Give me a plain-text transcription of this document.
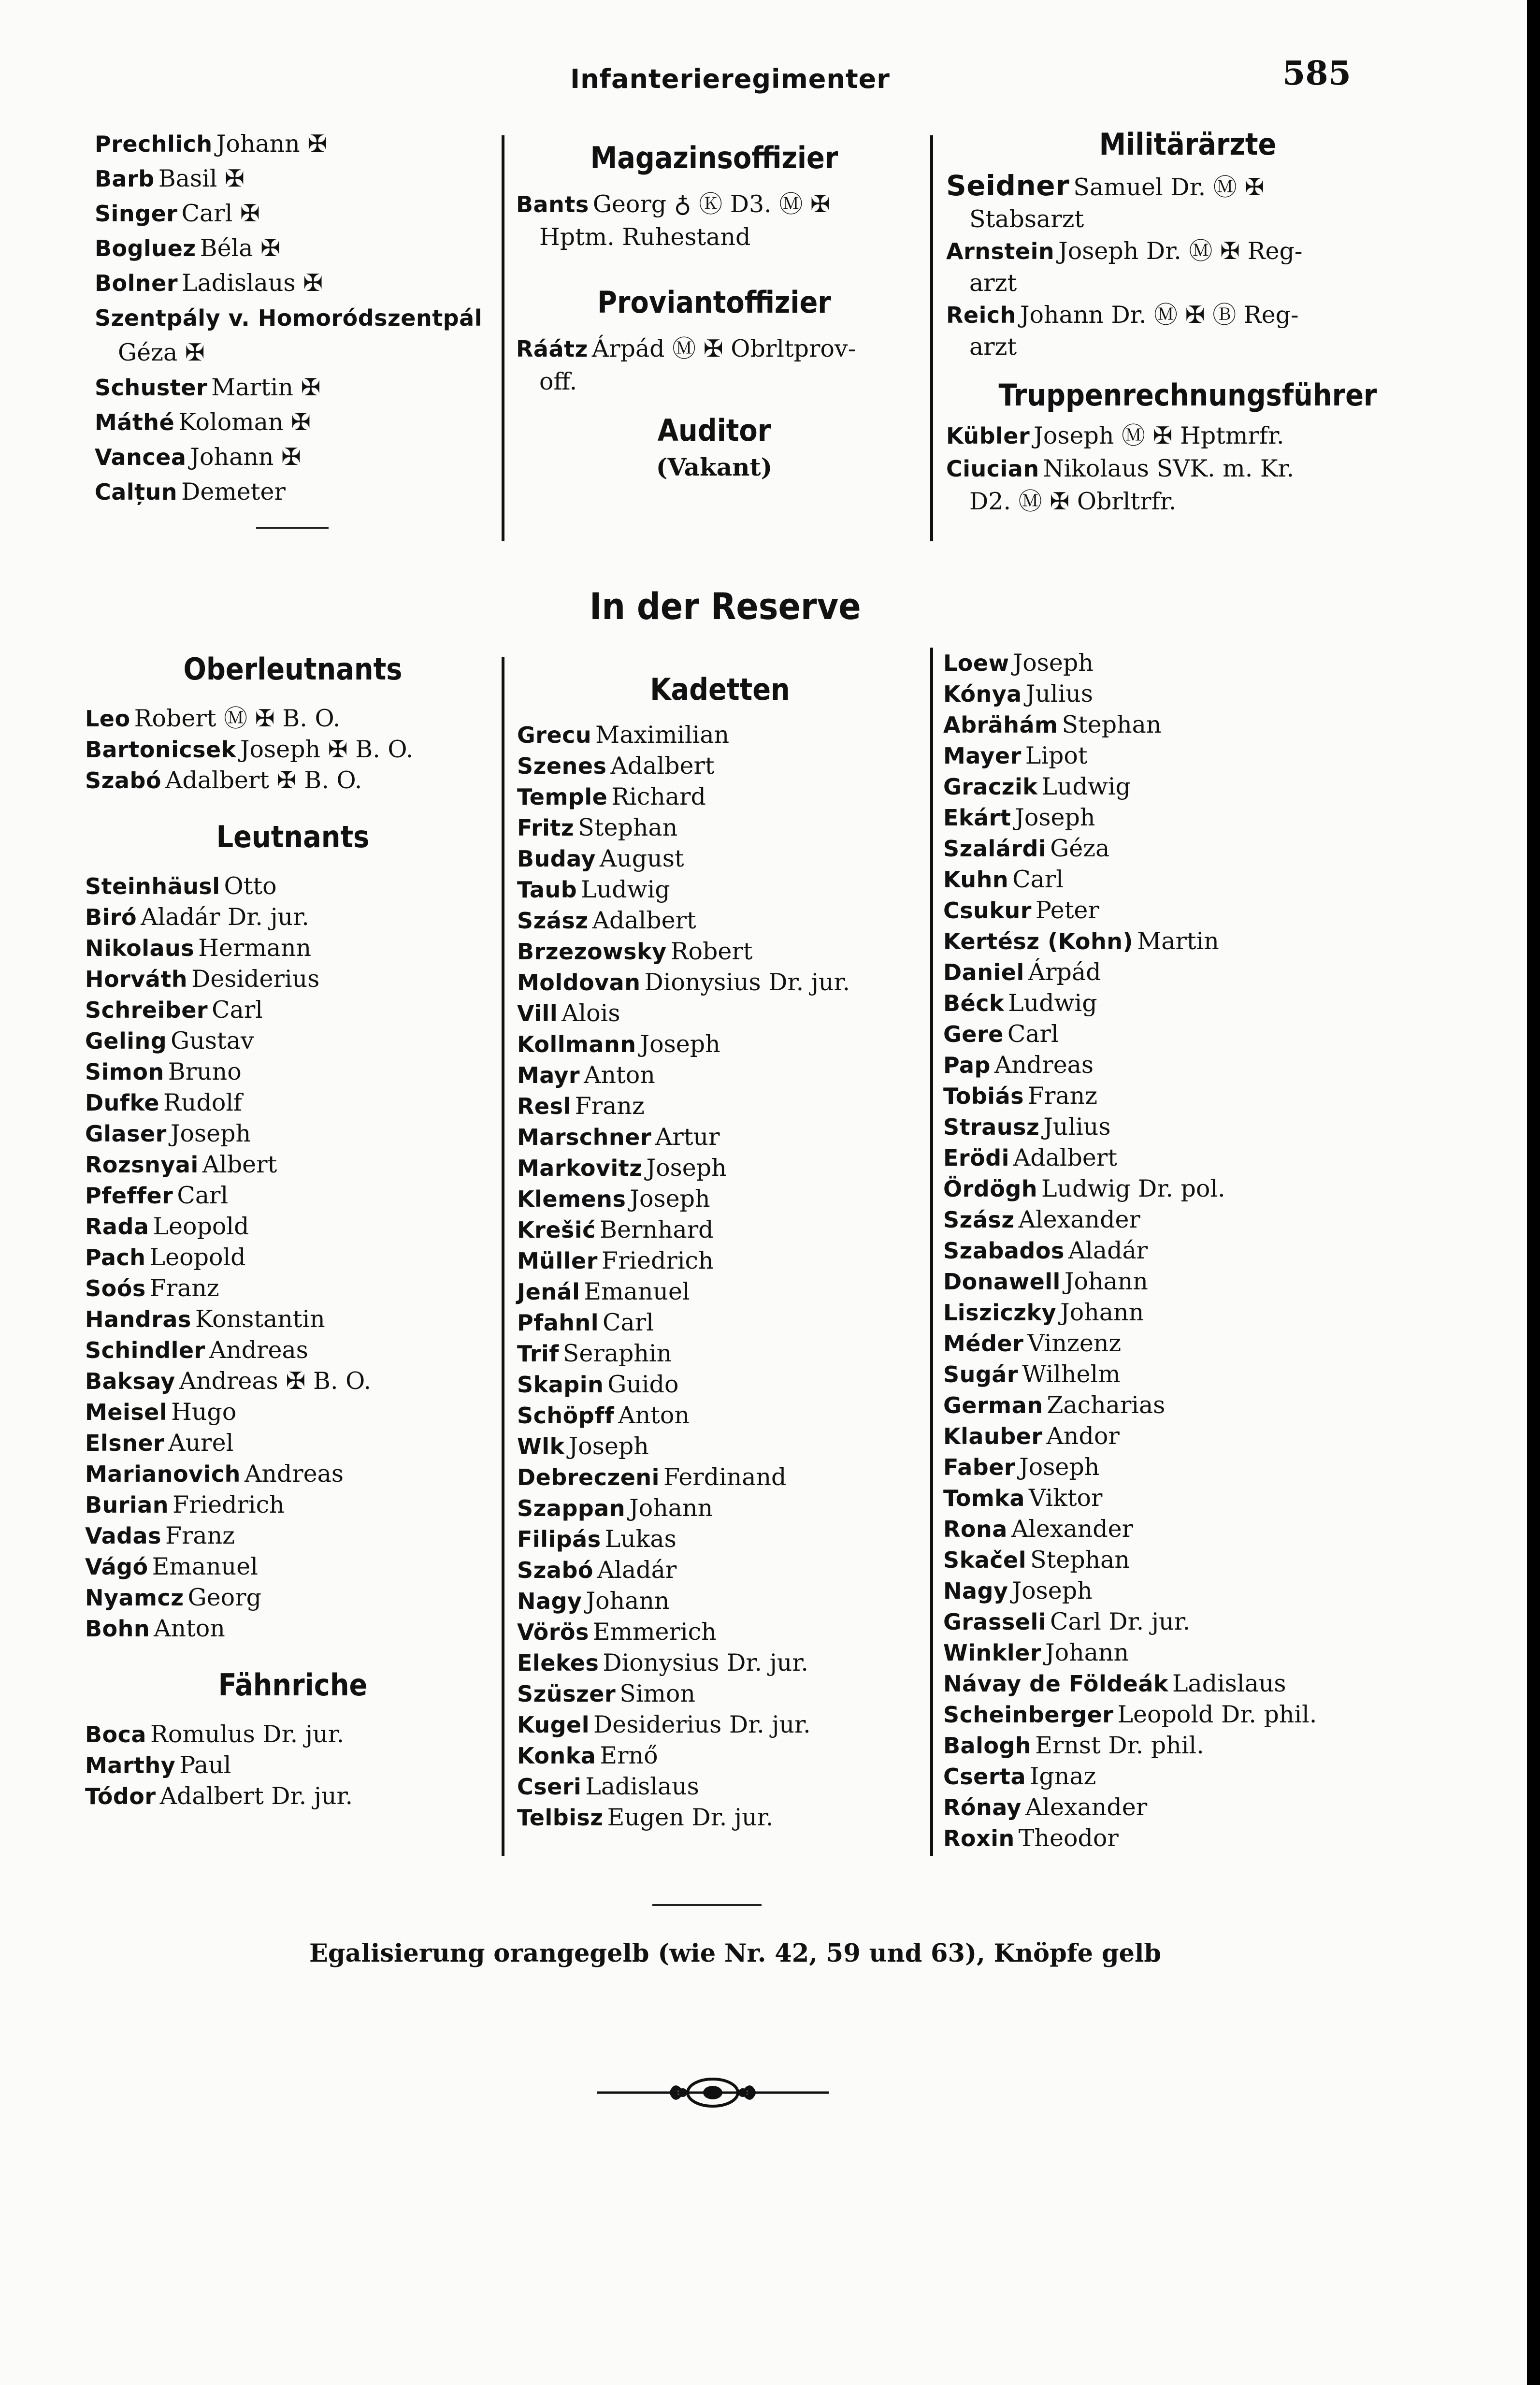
Infanterieregimenter	585
Prechlich Johann ✠
Barb Basil ✠
Singer Carl ✠
Bogluez Béla ✠
Bolner Ladislaus ✠
Szentpály v. Homoródszentpál
Géza ✠
Schuster Martin ✠
Máthé Koloman ✠
Vancea Johann ✠
Calțun Demeter
Magazinsoffizier
Bants Georg ♁ Ⓚ D3. Ⓜ ✠
Hptm. Ruhestand
Proviantoffizier
Ráátz Árpád Ⓜ ✠ Obrltprov-
off.
Auditor
(Vakant)
Militärärzte
Seidner Samuel Dr. Ⓜ ✠
Stabsarzt
Arnstein Joseph Dr. Ⓜ ✠ Reg-
arzt
Reich Johann Dr. Ⓜ ✠ Ⓑ Reg-
arzt
Truppenrechnungsführer
Kübler Joseph Ⓜ ✠ Hptmrfr.
Ciucian Nikolaus SVK. m. Kr.
D2. Ⓜ ✠ Obrltrfr.
In der Reserve
Oberleutnants
Leo Robert Ⓜ ✠ B. O.
Bartonicsek Joseph ✠ B. O.
Szabó Adalbert ✠ B. O.
Leutnants
Steinhäusl Otto
Biró Aladár Dr. jur.
Nikolaus Hermann
Horváth Desiderius
Schreiber Carl
Geling Gustav
Simon Bruno
Dufke Rudolf
Glaser Joseph
Rozsnyai Albert
Pfeffer Carl
Rada Leopold
Pach Leopold
Soós Franz
Handras Konstantin
Schindler Andreas
Baksay Andreas ✠ B. O.
Meisel Hugo
Elsner Aurel
Marianovich Andreas
Burian Friedrich
Vadas Franz
Vágó Emanuel
Nyamcz Georg
Bohn Anton
Fähnriche
Boca Romulus Dr. jur.
Marthy Paul
Tódor Adalbert Dr. jur.
Kadetten
Grecu Maximilian
Szenes Adalbert
Temple Richard
Fritz Stephan
Buday August
Taub Ludwig
Szász Adalbert
Brzezowsky Robert
Moldovan Dionysius Dr. jur.
Vill Alois
Kollmann Joseph
Mayr Anton
Resl Franz
Marschner Artur
Markovitz Joseph
Klemens Joseph
Krešić Bernhard
Müller Friedrich
Jenál Emanuel
Pfahnl Carl
Trif Seraphin
Skapin Guido
Schöpff Anton
Wlk Joseph
Debreczeni Ferdinand
Szappan Johann
Filipás Lukas
Szabó Aladár
Nagy Johann
Vörös Emmerich
Elekes Dionysius Dr. jur.
Szüszer Simon
Kugel Desiderius Dr. jur.
Konka Ernő
Cseri Ladislaus
Telbisz Eugen Dr. jur.
Loew Joseph
Kónya Julius
Abrähám Stephan
Mayer Lipot
Graczik Ludwig
Ekárt Joseph
Szalárdi Géza
Kuhn Carl
Csukur Peter
Kertész (Kohn) Martin
Daniel Árpád
Béck Ludwig
Gere Carl
Pap Andreas
Tobiás Franz
Strausz Julius
Erödi Adalbert
Ördögh Ludwig Dr. pol.
Szász Alexander
Szabados Aladár
Donawell Johann
Lisziczky Johann
Méder Vinzenz
Sugár Wilhelm
German Zacharias
Klauber Andor
Faber Joseph
Tomka Viktor
Rona Alexander
Skačel Stephan
Nagy Joseph
Grasseli Carl Dr. jur.
Winkler Johann
Návay de Földeák Ladislaus
Scheinberger Leopold Dr. phil.
Balogh Ernst Dr. phil.
Cserta Ignaz
Rónay Alexander
Roxin Theodor
Egalisierung orangegelb (wie Nr. 42, 59 und 63), Knöpfe gelb
